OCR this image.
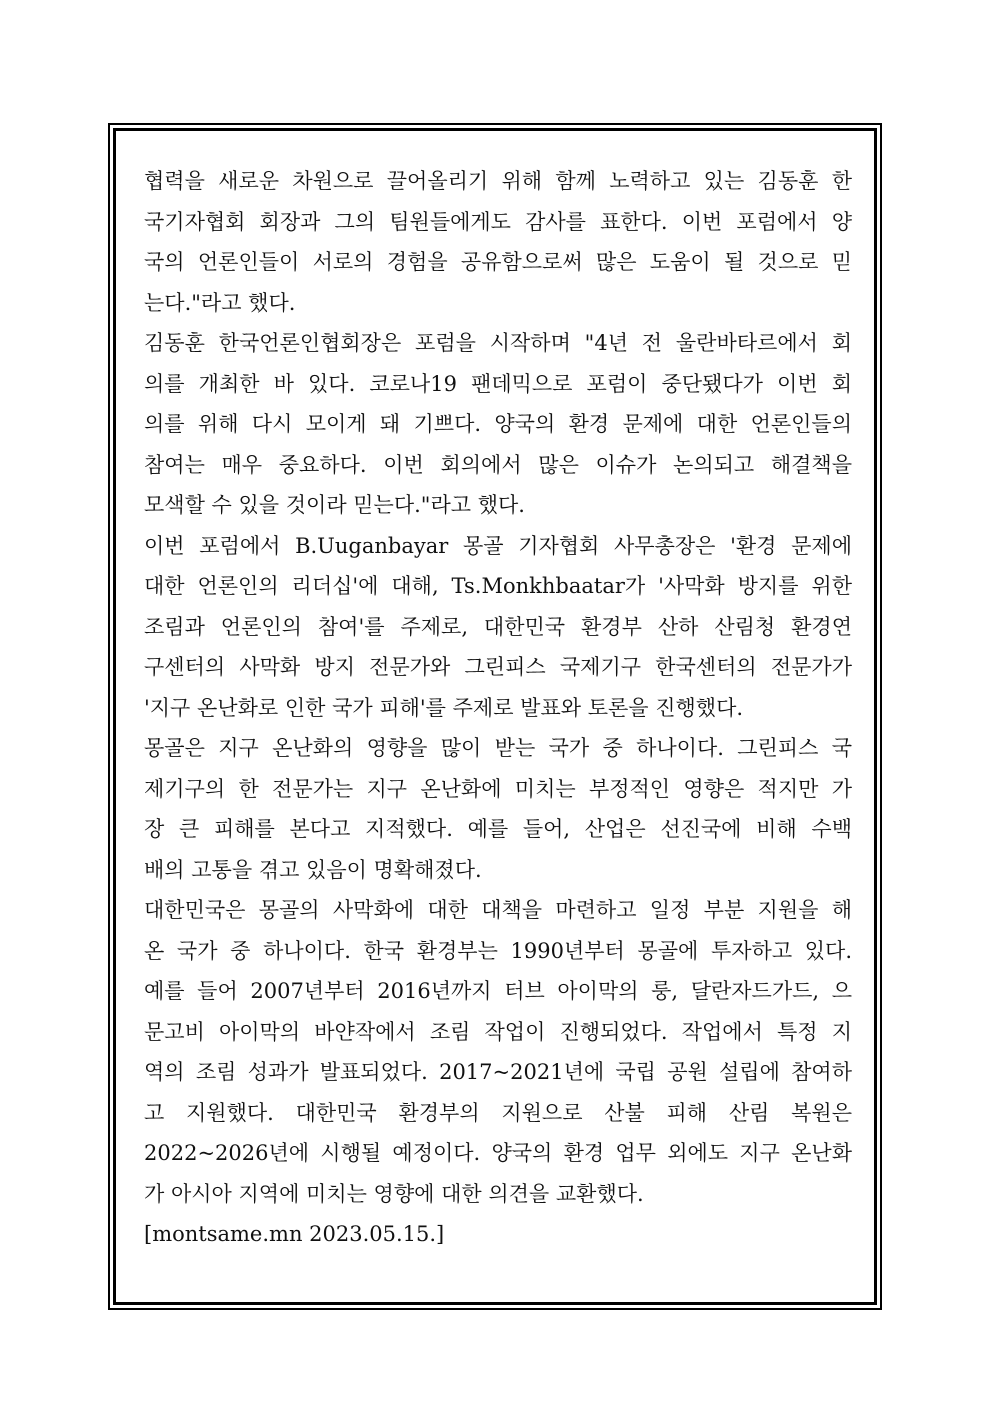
협력을 새로운 차원으로 끌어올리기 위해 함께 노력하고 있는 김동훈 한
국기자협회 회장과 그의 팀원들에게도 감사를 표한다. 이번 포럼에서 양
국의 언론인들이 서로의 경험을 공유함으로써 많은 도움이 될 것으로 믿
는다."라고 했다.
김동훈 한국언론인협회장은 포럼을 시작하며 "4년 전 울란바타르에서 회
의를 개최한 바 있다. 코로나19 팬데믹으로 포럼이 중단됐다가 이번 회
의를 위해 다시 모이게 돼 기쁘다. 양국의 환경 문제에 대한 언론인들의
참여는 매우 중요하다. 이번 회의에서 많은 이슈가 논의되고 해결책을
모색할 수 있을 것이라 믿는다."라고 했다.
이번 포럼에서 B.Uuganbayar 몽골 기자협회 사무총장은 '환경 문제에
대한 언론인의 리더십'에 대해, Ts.Monkhbaatar가 '사막화 방지를 위한
조림과 언론인의 참여'를 주제로, 대한민국 환경부 산하 산림청 환경연
구센터의 사막화 방지 전문가와 그린피스 국제기구 한국센터의 전문가가
'지구 온난화로 인한 국가 피해'를 주제로 발표와 토론을 진행했다.
몽골은 지구 온난화의 영향을 많이 받는 국가 중 하나이다. 그린피스 국
제기구의 한 전문가는 지구 온난화에 미치는 부정적인 영향은 적지만 가
장 큰 피해를 본다고 지적했다. 예를 들어, 산업은 선진국에 비해 수백
배의 고통을 겪고 있음이 명확해졌다.
대한민국은 몽골의 사막화에 대한 대책을 마련하고 일정 부분 지원을 해
온 국가 중 하나이다. 한국 환경부는 1990년부터 몽골에 투자하고 있다.
예를 들어 2007년부터 2016년까지 터브 아이막의 룽, 달란자드가드, 으
문고비 아이막의 바얀작에서 조림 작업이 진행되었다. 작업에서 특정 지
역의 조림 성과가 발표되었다. 2017~2021년에 국립 공원 설립에 참여하
고 지원했다. 대한민국 환경부의 지원으로 산불 피해 산림 복원은
2022~2026년에 시행될 예정이다. 양국의 환경 업무 외에도 지구 온난화
가 아시아 지역에 미치는 영향에 대한 의견을 교환했다.
[montsame.mn 2023.05.15.]
